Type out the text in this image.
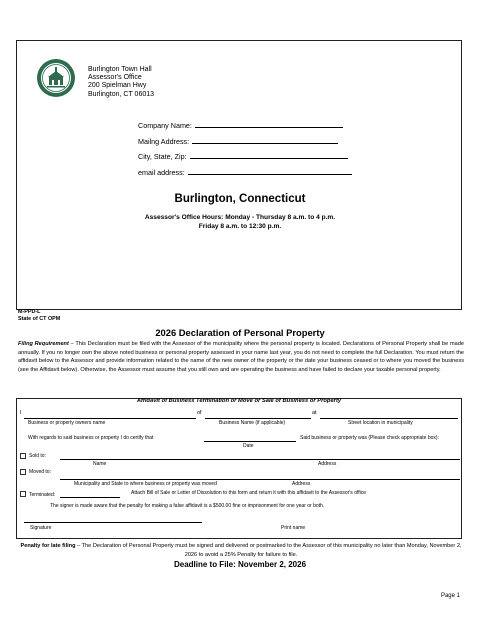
Burlington Town Hall
Assessor's Office
200 Spielman Hwy
Burlington, CT 06013
Company Name:
Mailng Address:
City, State, Zip:
email address:
Burlington, Connecticut
Assessor's Office Hours: Monday - Thursday 8 a.m. to 4 p.m.
Friday 8 a.m. to 12:30 p.m.
M-PPD-L
State of CT OPM
2026 Declaration of Personal Property
Filing Requirement – This Declaration must be filed with the Assessor of the municipality where the personal property is located. Declarations of Personal Property shall be made annually. If you no longer own the above noted business or personal property assessed in your name last year, you do not need to complete the full Declaration. You must return the affidavit below to the Assessor and provide information related to the name of the new owner of the property or the date your business ceased or to where you moved the business (see the Affidavit below). Otherwise, the Assessor must assume that you still own and are operating the business and have failed to declare your taxable personal property.
Affidavit of Business Termination or Move or Sale of Business or Property
I	of	at
Business or property owners name	Business Name (if applicable)	Street location in municipality
With regards to said business or property I do certify that	Said business or property was (Please check appropriate box):
Date
Sold to:
Name	Address
Moved to:
Municipality and State to where business or property was moved	Address
Terminated:	Attach Bill of Sale or Letter of Dissolution to this form and return it with this affidavit to the Assessor's office
The signer is made aware that the penalty for making a false affidavit is a $500.00 fine or imprisonment for one year or both.
Signature	Print name
Penalty for late filing – The Declaration of Personal Property must be signed and delivered or postmarked to the Assessor of this municipality no later than Monday, November 2, 2026 to avoid a 25% Penalty for failure to file.
Deadline to File: November 2, 2026
Page 1
